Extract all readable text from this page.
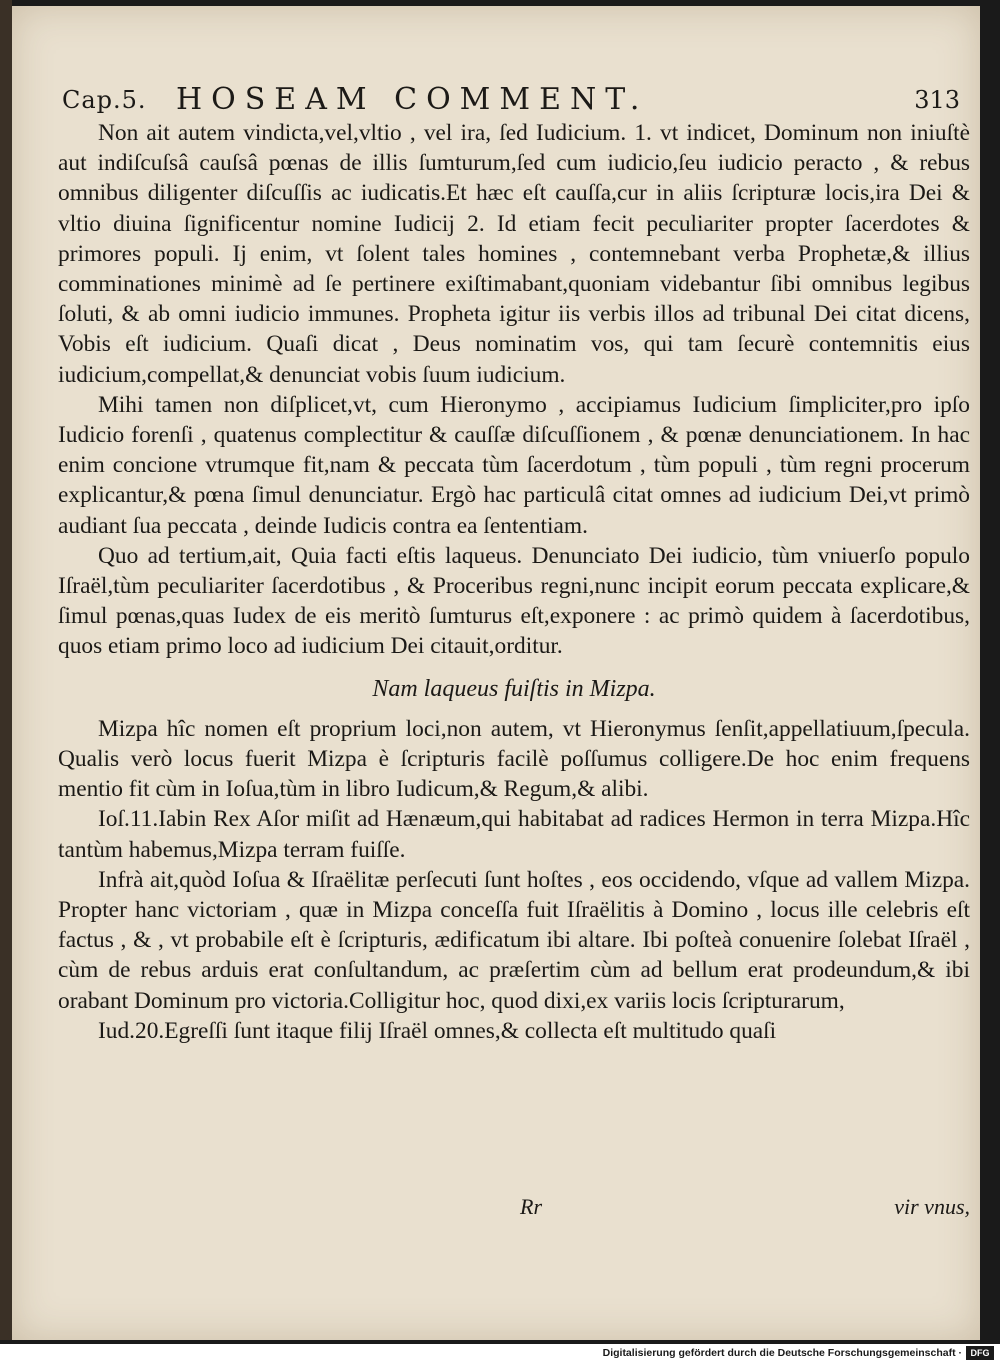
Cap.5. HOSEAM COMMENT.	313

Non ait autem vindicta,vel,vltio , vel ira, ſed Iudicium. 1. vt indicet, Dominum non iniuſtè aut indiſcuſsâ cauſsâ pœnas de illis ſumturum,ſed cum iudicio,ſeu iudicio peracto , & rebus omnibus diligenter diſcuſſis ac iudicatis.Et hæc eſt cauſſa,cur in aliis ſcripturæ locis,ira Dei & vltio diuina ſignificentur nomine Iudicij 2. Id etiam fecit peculiariter propter ſacerdotes & primores populi. Ij enim, vt ſolent tales homines , contemnebant verba Prophetæ,& illius comminationes minimè ad ſe pertinere exiſtimabant,quoniam videbantur ſibi omnibus legibus ſoluti, & ab omni iudicio immunes. Propheta igitur iis verbis illos ad tribunal Dei citat dicens, Vobis eſt iudicium. Quaſi dicat , Deus nominatim vos, qui tam ſecurè contemnitis eius iudicium,compellat,& denunciat vobis ſuum iudicium.

Mihi tamen non diſplicet,vt, cum Hieronymo , accipiamus Iudicium ſimpliciter,pro ipſo Iudicio forenſi , quatenus complectitur & cauſſæ diſcuſſionem , & pœnæ denunciationem. In hac enim concione vtrumque fit,nam & peccata tùm ſacerdotum , tùm populi , tùm regni procerum explicantur,& pœna ſimul denunciatur. Ergò hac particulâ citat omnes ad iudicium Dei,vt primò audiant ſua peccata , deinde Iudicis contra ea ſententiam.

Quo ad tertium,ait, Quia facti eſtis laqueus. Denunciato Dei iudicio, tùm vniuerſo populo Iſraël,tùm peculiariter ſacerdotibus , & Proceribus regni,nunc incipit eorum peccata explicare,& ſimul pœnas,quas Iudex de eis meritò ſumturus eſt,exponere : ac primò quidem à ſacerdotibus, quos etiam primo loco ad iudicium Dei citauit,orditur.

Nam laqueus fuiſtis in Mizpa.

Mizpa hîc nomen eſt proprium loci,non autem, vt Hieronymus ſenſit,appellatiuum,ſpecula. Qualis verò locus fuerit Mizpa è ſcripturis facilè poſſumus colligere.De hoc enim frequens mentio fit cùm in Ioſua,tùm in libro Iudicum,& Regum,& alibi.

Ioſ.11.Iabin Rex Aſor miſit ad Hænæum,qui habitabat ad radices Hermon in terra Mizpa.Hîc tantùm habemus,Mizpa terram fuiſſe.

Infrà ait,quòd Ioſua & Iſraëlitæ perſecuti ſunt hoſtes , eos occidendo, vſque ad vallem Mizpa. Propter hanc victoriam , quæ in Mizpa conceſſa fuit Iſraëlitis à Domino , locus ille celebris eſt factus , & , vt probabile eſt è ſcripturis, ædificatum ibi altare. Ibi poſteà conuenire ſolebat Iſraël , cùm de rebus arduis erat conſultandum, ac præſertim cùm ad bellum erat prodeundum,& ibi orabant Dominum pro victoria.Colligitur hoc, quod dixi,ex variis locis ſcripturarum,

Iud.20.Egreſſi ſunt itaque filij Iſraël omnes,& collecta eſt multitudo quaſi

Rr	vir vnus,
Digitalisierung gefördert durch die Deutsche Forschungsgemeinschaft · DFG
